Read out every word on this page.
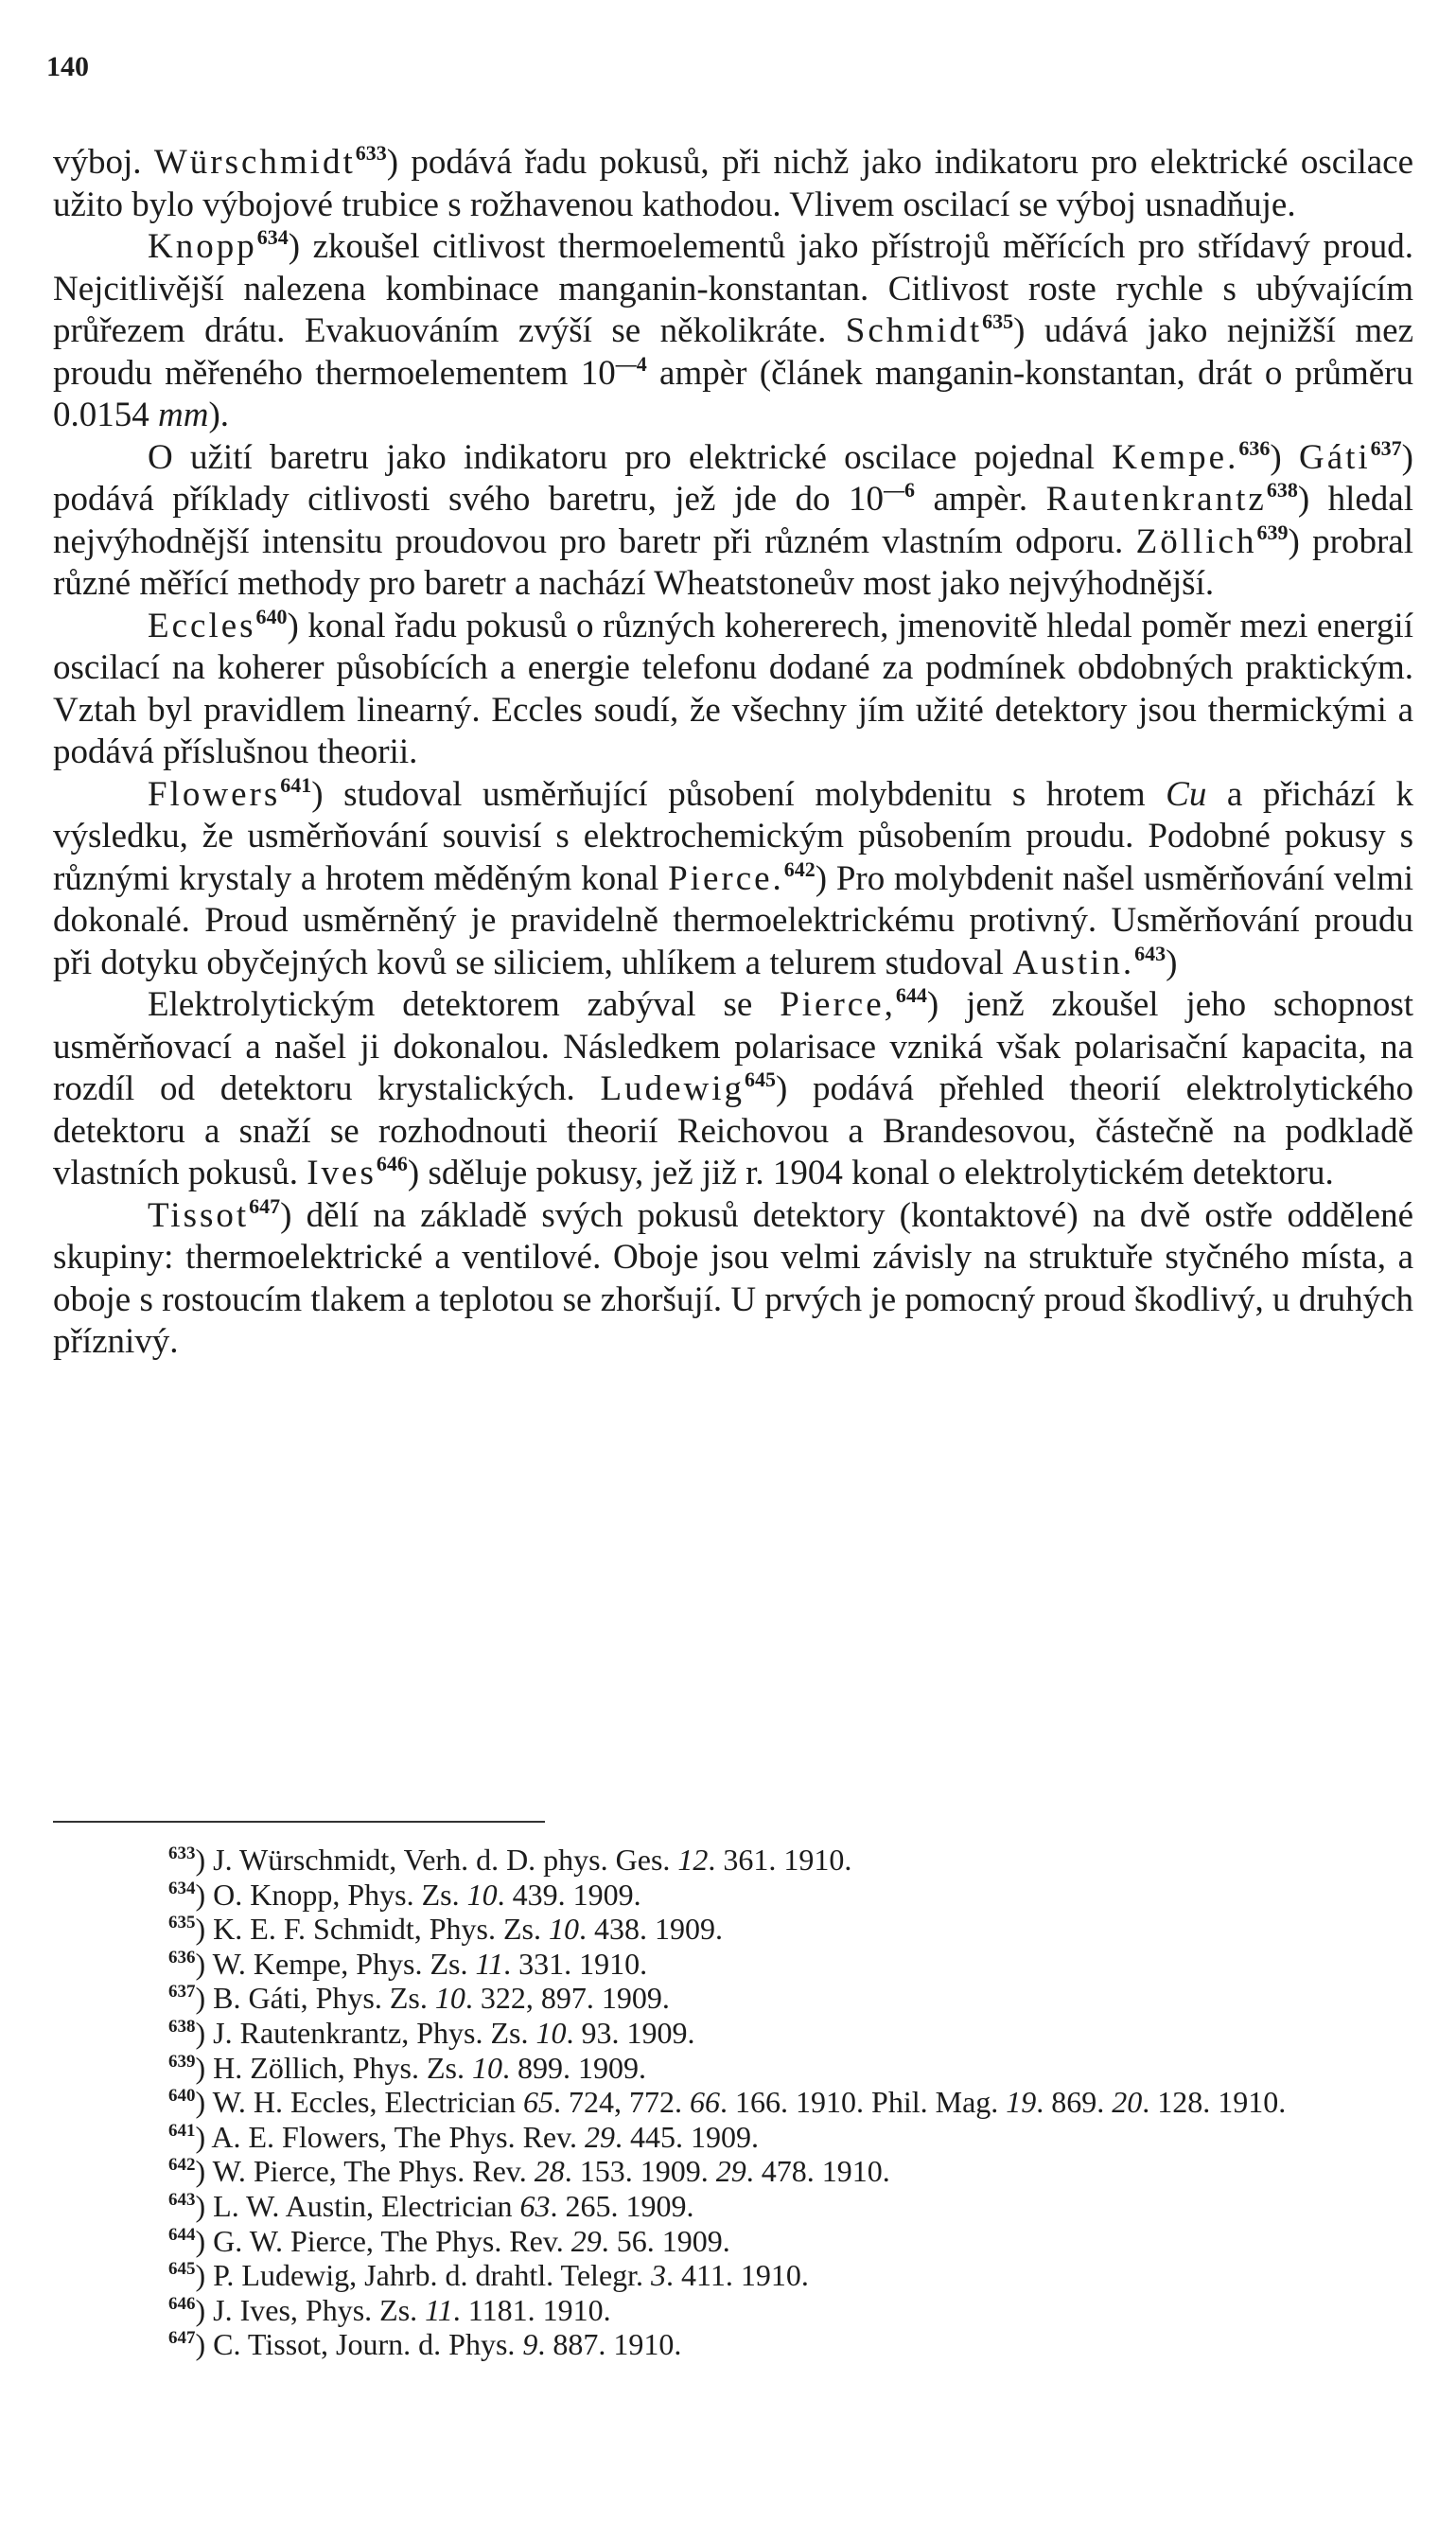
140

výboj. Würschmidt$^{633}$) podává řadu pokusů, při nichž jako indikatoru pro elektrické oscilace užito bylo výbojové trubice s rožhavenou kathodou. Vlivem oscilací se výboj usnadňuje.

Knopp$^{634}$) zkoušel citlivost thermoelementů jako přístrojů měřících pro střídavý proud. Nejcitlivější nalezena kombinace manganin-konstantan. Citlivost roste rychle s ubývajícím průřezem drátu. Evakuováním zvýší se několikráte. Schmidt$^{635}$) udává jako nejnižší mez proudu měřeného thermoelementem $10^{—4}$ ampèr (článek manganin-konstantan, drát o průměru 0.0154 mm).

O užití baretru jako indikatoru pro elektrické oscilace pojednal Kempe.$^{636}$) Gáti$^{637}$) podává příklady citlivosti svého baretru, jež jde do $10^{—6}$ ampèr. Rautenkrantz$^{638}$) hledal nejvýhodnější intensitu proudovou pro baretr při různém vlastním odporu. Zöllich$^{639}$) probral různé měřící methody pro baretr a nachází Wheatstoneův most jako nejvýhodnější.

Eccles$^{640}$) konal řadu pokusů o různých kohererech, jmenovitě hledal poměr mezi energií oscilací na koherer působících a energie telefonu dodané za podmínek obdobných praktickým. Vztah byl pravidlem linearný. Eccles soudí, že všechny jím užité detektory jsou thermickými a podává příslušnou theorii.

Flowers$^{641}$) studoval usměrňující působení molybdenitu s hrotem Cu a přichází k výsledku, že usměrňování souvisí s elektrochemickým působením proudu. Podobné pokusy s různými krystaly a hrotem měděným konal Pierce.$^{642}$) Pro molybdenit našel usměrňování velmi dokonalé. Proud usměrněný je pravidelně thermoelektrickému protivný. Usměrňování proudu při dotyku obyčejných kovů se siliciem, uhlíkem a telurem studoval Austin.$^{643}$)

Elektrolytickým detektorem zabýval se Pierce,$^{644}$) jenž zkoušel jeho schopnost usměrňovací a našel ji dokonalou. Následkem polarisace vzniká však polarisační kapacita, na rozdíl od detektoru krystalických. Ludewig$^{645}$) podává přehled theorií elektrolytického detektoru a snaží se rozhodnouti theorií Reichovou a Brandesovou, částečně na podkladě vlastních pokusů. Ives$^{646}$) sděluje pokusy, jež již r. 1904 konal o elektrolytickém detektoru.

Tissot$^{647}$) dělí na základě svých pokusů detektory (kontaktové) na dvě ostře oddělené skupiny: thermoelektrické a ventilové. Oboje jsou velmi závisly na struktuře styčného místa, a oboje s rostoucím tlakem a teplotou se zhoršují. U prvých je pomocný proud škodlivý, u druhých příznivý.

$^{633}$) J. Würschmidt, Verh. d. D. phys. Ges. 12. 361. 1910.

$^{634}$) O. Knopp, Phys. Zs. 10. 439. 1909.

$^{635}$) K. E. F. Schmidt, Phys. Zs. 10. 438. 1909.

$^{636}$) W. Kempe, Phys. Zs. 11. 331. 1910.

$^{637}$) B. Gáti, Phys. Zs. 10. 322, 897. 1909.

$^{638}$) J. Rautenkrantz, Phys. Zs. 10. 93. 1909.

$^{639}$) H. Zöllich, Phys. Zs. 10. 899. 1909.

$^{640}$) W. H. Eccles, Electrician 65. 724, 772. 66. 166. 1910. Phil. Mag. 19. 869. 20. 128. 1910.

$^{641}$) A. E. Flowers, The Phys. Rev. 29. 445. 1909.

$^{642}$) W. Pierce, The Phys. Rev. 28. 153. 1909. 29. 478. 1910.

$^{643}$) L. W. Austin, Electrician 63. 265. 1909.

$^{644}$) G. W. Pierce, The Phys. Rev. 29. 56. 1909.

$^{645}$) P. Ludewig, Jahrb. d. drahtl. Telegr. 3. 411. 1910.

$^{646}$) J. Ives, Phys. Zs. 11. 1181. 1910.

$^{647}$) C. Tissot, Journ. d. Phys. 9. 887. 1910.
